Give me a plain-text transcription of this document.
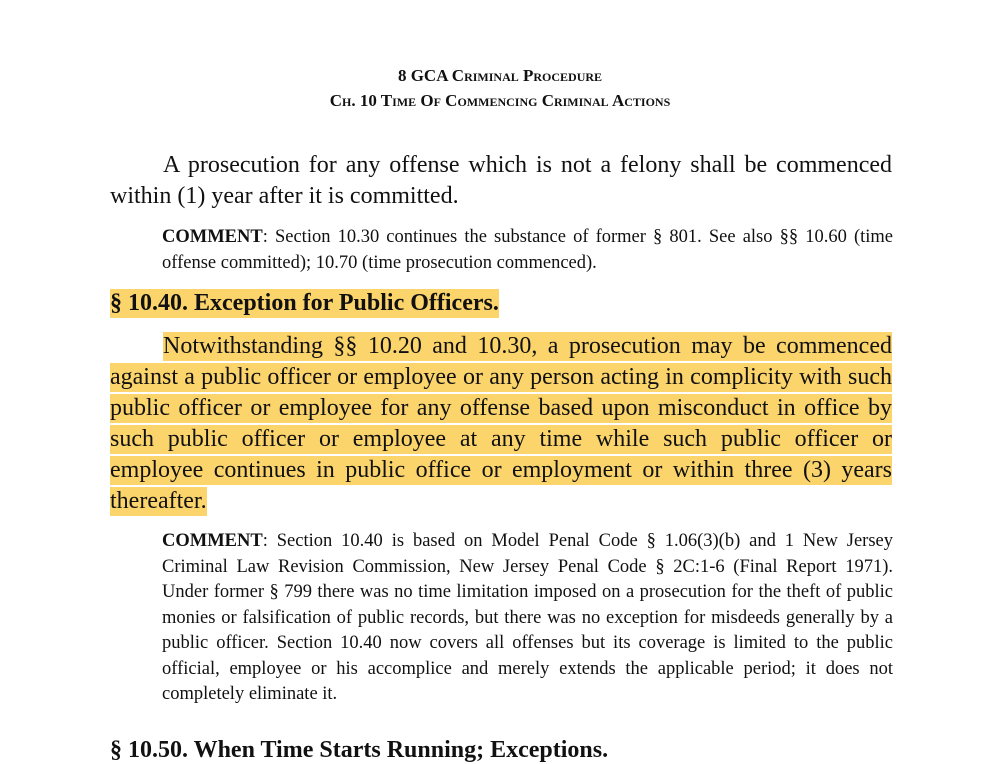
8 GCA Criminal Procedure
Ch. 10 Time Of Commencing Criminal Actions
A prosecution for any offense which is not a felony shall be commenced within (1) year after it is committed.
COMMENT: Section 10.30 continues the substance of former § 801. See also §§ 10.60 (time offense committed); 10.70 (time prosecution commenced).
§ 10.40. Exception for Public Officers.
Notwithstanding §§ 10.20 and 10.30, a prosecution may be commenced against a public officer or employee or any person acting in complicity with such public officer or employee for any offense based upon misconduct in office by such public officer or employee at any time while such public officer or employee continues in public office or employment or within three (3) years thereafter.
COMMENT: Section 10.40 is based on Model Penal Code § 1.06(3)(b) and 1 New Jersey Criminal Law Revision Commission, New Jersey Penal Code § 2C:1-6 (Final Report 1971). Under former § 799 there was no time limitation imposed on a prosecution for the theft of public monies or falsification of public records, but there was no exception for misdeeds generally by a public officer. Section 10.40 now covers all offenses but its coverage is limited to the public official, employee or his accomplice and merely extends the applicable period; it does not completely eliminate it.
§ 10.50. When Time Starts Running; Exceptions.
